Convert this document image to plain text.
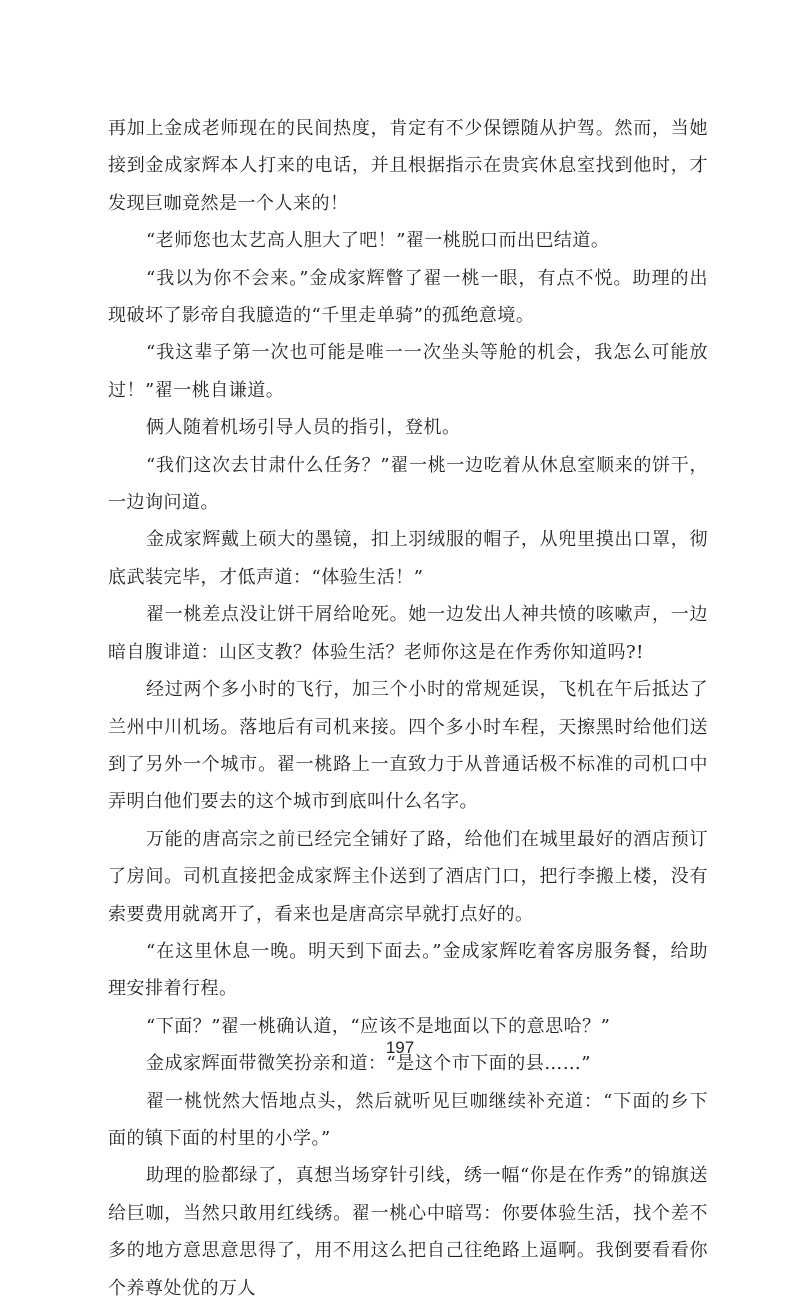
再加上金成老师现在的民间热度，肯定有不少保镖随从护驾。然而，当她接到金成家辉本人打来的电话，并且根据指示在贵宾休息室找到他时，才发现巨咖竟然是一个人来的！

“老师您也太艺高人胆大了吧！”翟一桃脱口而出巴结道。

“我以为你不会来。”金成家辉瞥了翟一桃一眼，有点不悦。助理的出现破坏了影帝自我臆造的“千里走单骑”的孤绝意境。

“我这辈子第一次也可能是唯一一次坐头等舱的机会，我怎么可能放过！”翟一桃自谦道。

俩人随着机场引导人员的指引，登机。

“我们这次去甘肃什么任务？”翟一桃一边吃着从休息室顺来的饼干，一边询问道。

金成家辉戴上硕大的墨镜，扣上羽绒服的帽子，从兜里摸出口罩，彻底武装完毕，才低声道：“体验生活！”

翟一桃差点没让饼干屑给呛死。她一边发出人神共愤的咳嗽声，一边暗自腹诽道：山区支教？体验生活？老师你这是在作秀你知道吗?!

经过两个多小时的飞行，加三个小时的常规延误，飞机在午后抵达了兰州中川机场。落地后有司机来接。四个多小时车程，天擦黑时给他们送到了另外一个城市。翟一桃路上一直致力于从普通话极不标准的司机口中弄明白他们要去的这个城市到底叫什么名字。

万能的唐高宗之前已经完全铺好了路，给他们在城里最好的酒店预订了房间。司机直接把金成家辉主仆送到了酒店门口，把行李搬上楼，没有索要费用就离开了，看来也是唐高宗早就打点好的。

“在这里休息一晚。明天到下面去。”金成家辉吃着客房服务餐，给助理安排着行程。

“下面？”翟一桃确认道，“应该不是地面以下的意思哈？”

金成家辉面带微笑扮亲和道：“是这个市下面的县……”

翟一桃恍然大悟地点头，然后就听见巨咖继续补充道：“下面的乡下面的镇下面的村里的小学。”

助理的脸都绿了，真想当场穿针引线，绣一幅“你是在作秀”的锦旗送给巨咖，当然只敢用红线绣。翟一桃心中暗骂：你要体验生活，找个差不多的地方意思意思得了，用不用这么把自己往绝路上逼啊。我倒要看看你个养尊处优的万人

197
